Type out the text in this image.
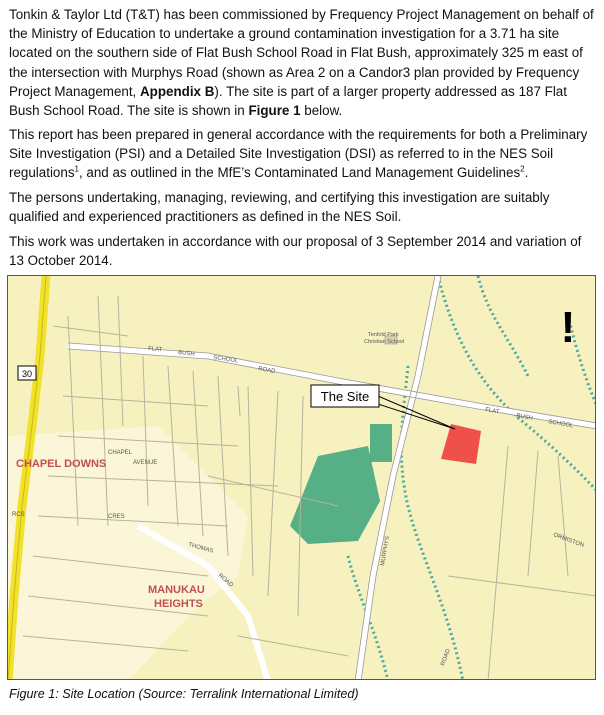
Tonkin & Taylor Ltd (T&T) has been commissioned by Frequency Project Management on behalf of the Ministry of Education to undertake a ground contamination investigation for a 3.71 ha site located on the southern side of Flat Bush School Road in Flat Bush, approximately 325 m east of the intersection with Murphys Road (shown as Area 2 on a Candor3 plan provided by Frequency Project Management, Appendix B). The site is part of a larger property addressed as 187 Flat Bush School Road. The site is shown in Figure 1 below.

This report has been prepared in general accordance with the requirements for both a Preliminary Site Investigation (PSI) and a Detailed Site Investigation (DSI) as referred to in the NES Soil regulations$^1$, and as outlined in the MfE’s Contaminated Land Management Guidelines$^2$.

The persons undertaking, managing, reviewing, and certifying this investigation are suitably qualified and experienced practitioners as defined in the NES Soil.

This work was undertaken in accordance with our proposal of 3 September 2014 and variation of 13 October 2014.

The Site
30
!
CHAPEL DOWNS
MANUKAU
HEIGHTS
Tenfold Park
Christian School
FLAT
BUSH
SCHOOL
ROAD
FLAT
BUSH
SCHOOL
MURPHYS
THOMAS
ROAD
AVENUE
CHAPEL
CRES
ORMISTON
RCS
ROAD

Figure 1: Site Location (Source: Terralink International Limited)
